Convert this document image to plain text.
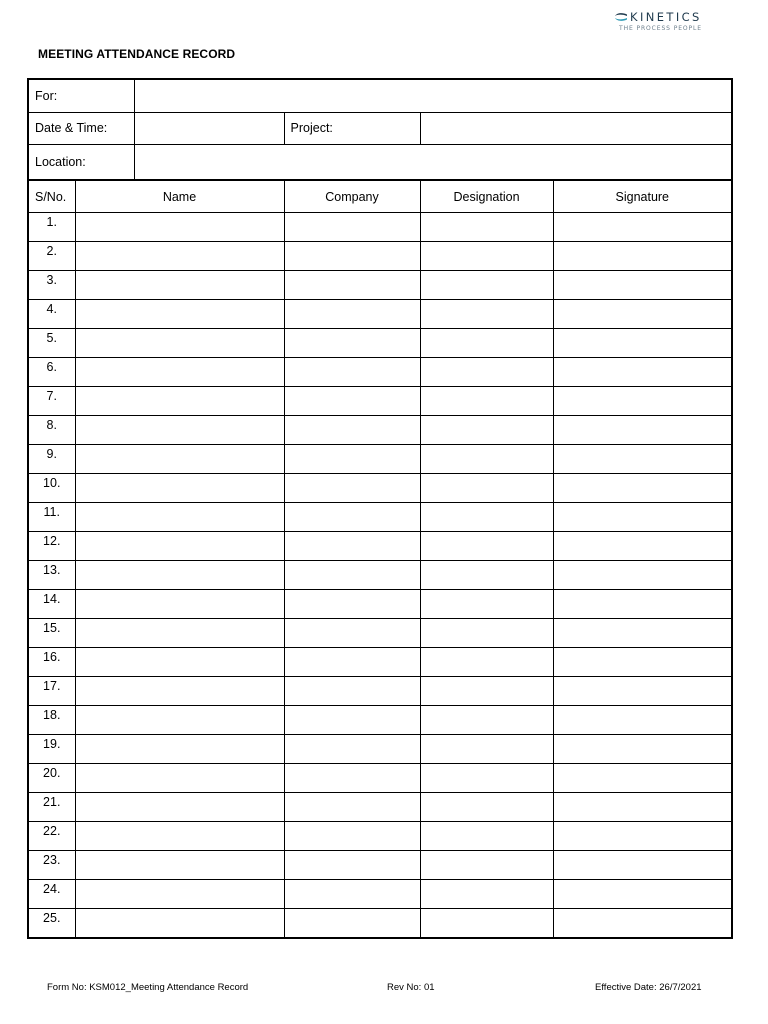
KINETICS
THE PROCESS PEOPLE
MEETING ATTENDANCE RECORD
For:					
Date & Time:			Project:		
Location:					
S/No.	Name		Company	Designation	Signature
1.					
2.					
3.					
4.					
5.					
6.					
7.					
8.					
9.					
10.					
11.					
12.					
13.					
14.					
15.					
16.					
17.					
18.					
19.					
20.					
21.					
22.					
23.					
24.					
25.					
Form No: KSM012_Meeting Attendance Record	Rev No: 01	Effective Date: 26/7/2021
